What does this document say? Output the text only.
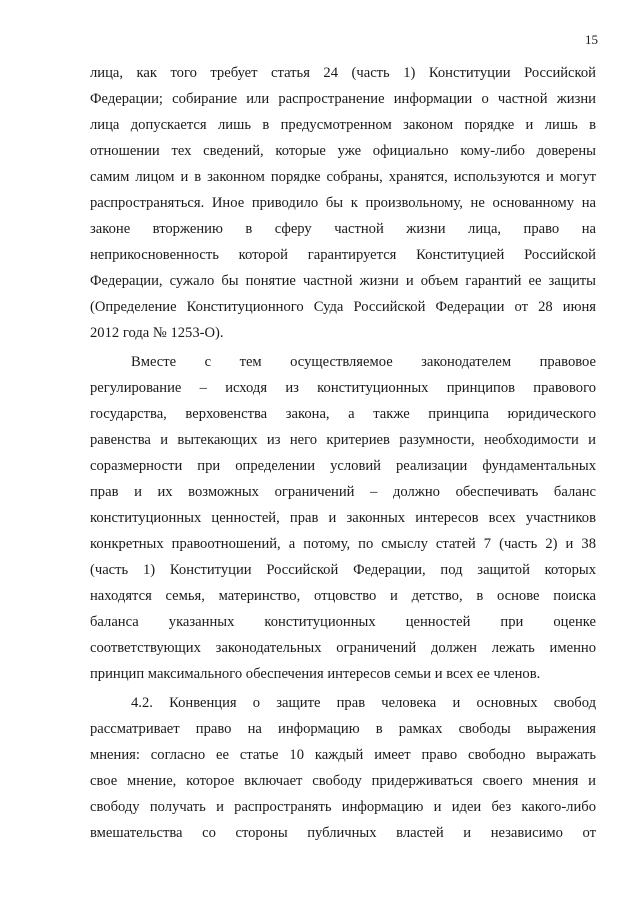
15
лица, как того требует статья 24 (часть 1) Конституции Российской
Федерации; собирание или распространение информации о частной жизни
лица допускается лишь в предусмотренном законом порядке и лишь в
отношении тех сведений, которые уже официально кому-либо доверены
самим лицом и в законном порядке собраны, хранятся, используются и могут
распространяться. Иное приводило бы к произвольному, не основанному на
законе вторжению в сферу частной жизни лица, право на
неприкосновенность которой гарантируется Конституцией Российской
Федерации, сужало бы понятие частной жизни и объем гарантий ее защиты
(Определение Конституционного Суда Российской Федерации от 28 июня
2012 года № 1253-О).
Вместе с тем осуществляемое законодателем правовое
регулирование – исходя из конституционных принципов правового
государства, верховенства закона, а также принципа юридического
равенства и вытекающих из него критериев разумности, необходимости и
соразмерности при определении условий реализации фундаментальных
прав и их возможных ограничений – должно обеспечивать баланс
конституционных ценностей, прав и законных интересов всех участников
конкретных правоотношений, а потому, по смыслу статей 7 (часть 2) и 38
(часть 1) Конституции Российской Федерации, под защитой которых
находятся семья, материнство, отцовство и детство, в основе поиска
баланса указанных конституционных ценностей при оценке
соответствующих законодательных ограничений должен лежать именно
принцип максимального обеспечения интересов семьи и всех ее членов.
4.2. Конвенция о защите прав человека и основных свобод
рассматривает право на информацию в рамках свободы выражения
мнения: согласно ее статье 10 каждый имеет право свободно выражать
свое мнение, которое включает свободу придерживаться своего мнения и
свободу получать и распространять информацию и идеи без какого-либо
вмешательства со стороны публичных властей и независимо от
